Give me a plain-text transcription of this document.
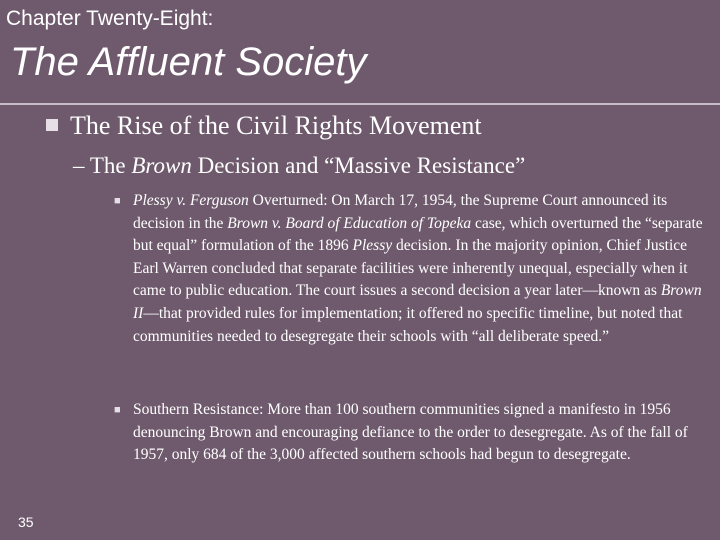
Chapter Twenty-Eight:
The Affluent Society
The Rise of the Civil Rights Movement
– The Brown Decision and “Massive Resistance”
■ Plessy v. Ferguson Overturned: On March 17, 1954, the Supreme Court announced its decision in the Brown v. Board of Education of Topeka case, which overturned the “separate but equal” formulation of the 1896 Plessy decision. In the majority opinion, Chief Justice Earl Warren concluded that separate facilities were inherently unequal, especially when it came to public education. The court issues a second decision a year later—known as Brown II—that provided rules for implementation; it offered no specific timeline, but noted that communities needed to desegregate their schools with “all deliberate speed.”
■ Southern Resistance: More than 100 southern communities signed a manifesto in 1956 denouncing Brown and encouraging defiance to the order to desegregate. As of the fall of 1957, only 684 of the 3,000 affected southern schools had begun to desegregate.
35
